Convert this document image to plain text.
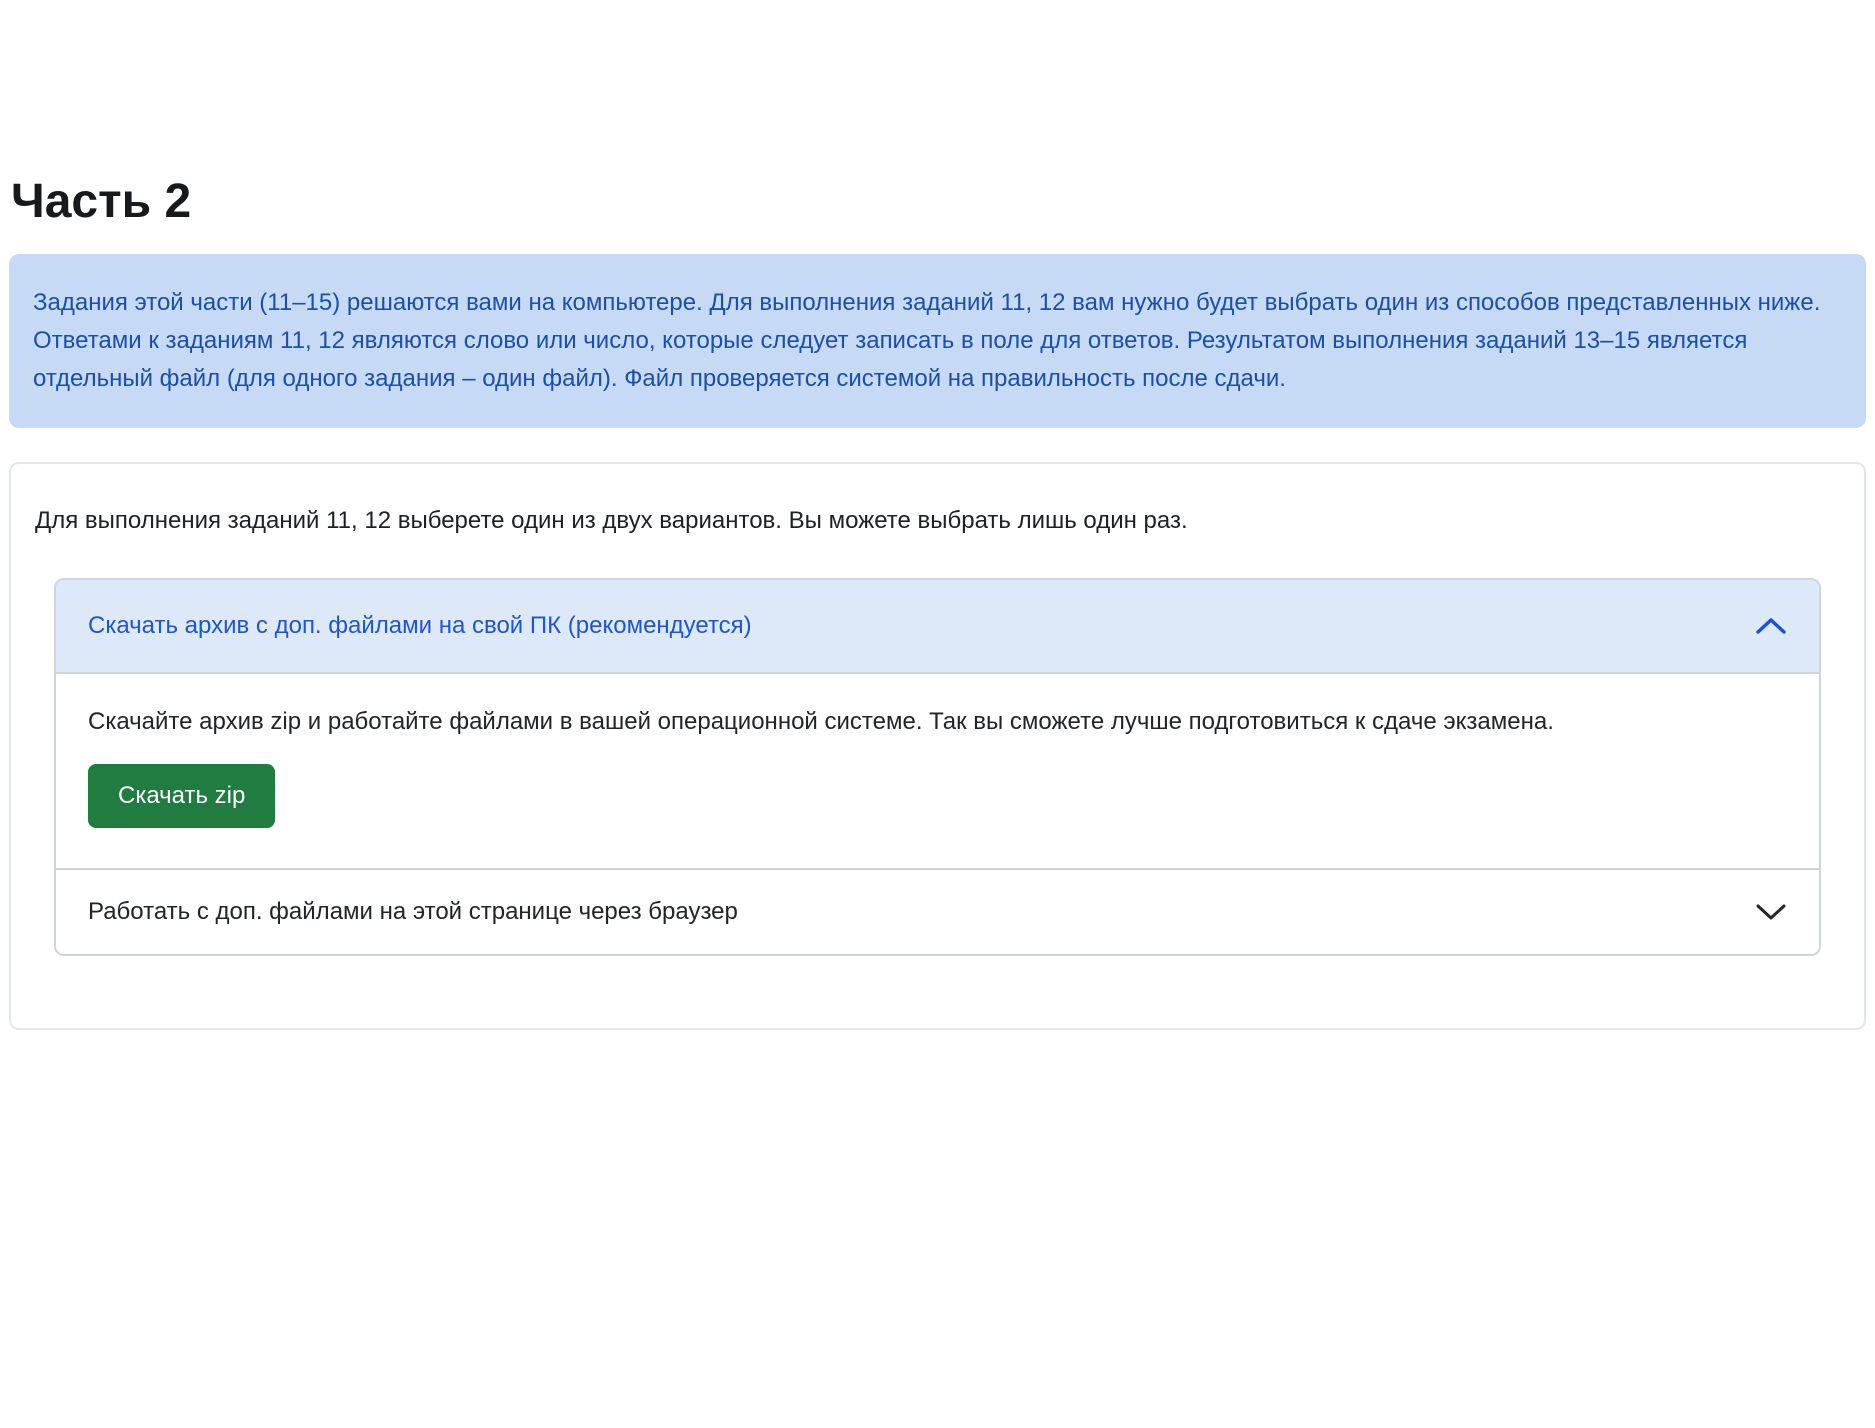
Часть 2
Задания этой части (11–15) решаются вами на компьютере. Для выполнения заданий 11, 12 вам нужно будет выбрать один из способов представленных ниже. Ответами к заданиям 11, 12 являются слово или число, которые следует записать в поле для ответов. Результатом выполнения заданий 13–15 является отдельный файл (для одного задания – один файл). Файл проверяется системой на правильность после сдачи.

Для выполнения заданий 11, 12 выберете один из двух вариантов. Вы можете выбрать лишь один раз.

Скачать архив с доп. файлами на свой ПК (рекомендуется)

Скачайте архив zip и работайте файлами в вашей операционной системе. Так вы сможете лучше подготовиться к сдаче экзамена.

Скачать zip
Работать с доп. файлами на этой странице через браузер
